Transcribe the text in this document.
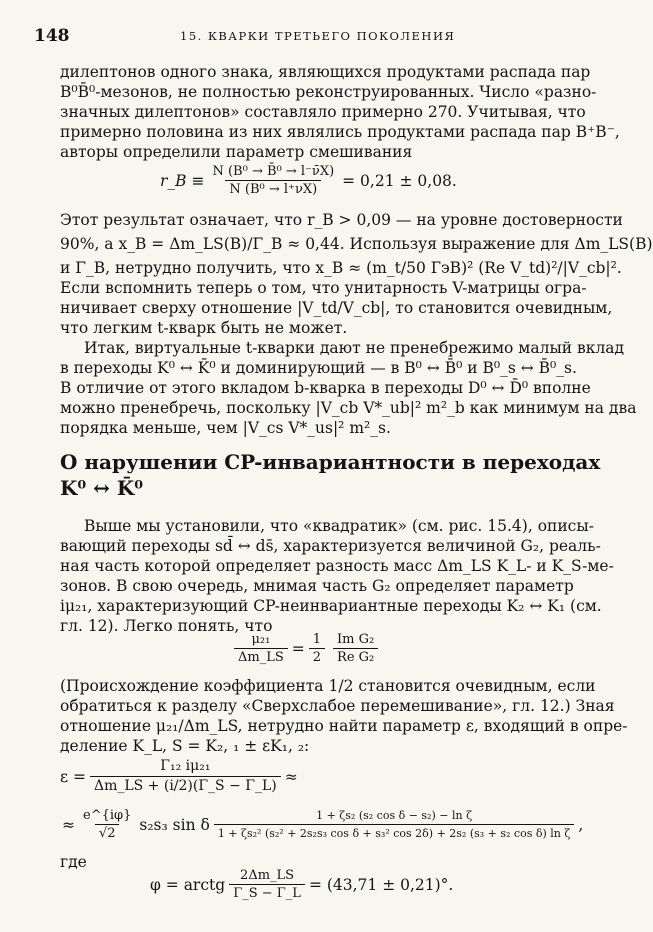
148	15. КВАРКИ ТРЕТЬЕГО ПОКОЛЕНИЯ
дилептонов одного знака, являющихся продуктами распада пар
B⁰B̄⁰-мезонов, не полностью реконструированных. Число «разно-
значных дилептонов» составляло примерно 270. Учитывая, что
примерно половина из них являлись продуктами распада пар B⁺B⁻,
авторы определили параметр смешивания
r_B ≡ $\frac{\text{N (B⁰ → B̄⁰ → l⁻ν̄X)}}{\text{N (B⁰ → l⁺νX)}} = 0,21 \pm 0,08$.
Этот результат означает, что r_B > 0,09 — на уровне достоверности
90%, а x_B = Δm_LS(B)/Γ_B ≈ 0,44. Используя выражение для Δm_LS(B)
и Γ_B, нетрудно получить, что x_B ≈ (m_t/50 ГэВ)² (Re V_td)²/|V_cb|².
Если вспомнить теперь о том, что унитарность V-матрицы огра-
ничивает сверху отношение |V_td/V_cb|, то становится очевидным,
что легким t-кварк быть не может.
Итак, виртуальные t-кварки дают не пренебрежимо малый вклад
в переходы K⁰ ↔ K̄⁰ и доминирующий — в B⁰ ↔ B̄⁰ и B⁰_s ↔ B̄⁰_s.
В отличие от этого вкладом b-кварка в переходы D⁰ ↔ D̄⁰ вполне
можно пренебречь, поскольку |V_cb V*_ub|² m²_b как минимум на два
порядка меньше, чем |V_cs V*_us|² m²_s.
О нарушении CP-инвариантности в переходах
K⁰ ↔ K̄⁰
Выше мы установили, что «квадратик» (см. рис. 15.4), описы-
вающий переходы sd̄ ↔ ds̄, характеризуется величиной G₂, реаль-
ная часть которой определяет разность масс Δm_LS K_L- и K_S-ме-
зонов. В свою очередь, мнимая часть G₂ определяет параметр
iμ₂₁, характеризующий CP-неинвариантные переходы K₂ ↔ K₁ (см.
гл. 12). Легко понять, что
$\frac{\text{μ₂₁}}{\Delta m\_LS} = \frac{1}{2} \frac{\text{Im G₂}}{\text{Re G₂}}$
(Происхождение коэффициента 1/2 становится очевидным, если
обратиться к разделу «Сверхслабое перемешивание», гл. 12.) Зная
отношение μ₂₁/Δm_LS, нетрудно найти параметр ε, входящий в опре-
деление K_L, S = K₂, ₁ ± εK₁, ₂:
$\varepsilon = \frac{\text{Γ₁₂ iμ₂₁}}{\Delta m\_LS + (i/2)(\Gamma\_S - \Gamma\_L)}$ ≈
≈ $\frac{e\^{}\{i\varphi\}}{√2} s_2s_3$ sin δ	1 + ζs₂ (s₂ cos δ − s₂) − ln ζ
1 + ζs₂² (s₂² + 2s₂s₃ cos δ + s₃² cos 2δ) + 2s₂ (s₃ + s₂ cos δ) ln ζ ,
где
φ = arctg $\frac{2\Delta m\_LS}{\Gamma\_S - \Gamma\_L} = (43,71 \pm 0,21)^\circ$.
